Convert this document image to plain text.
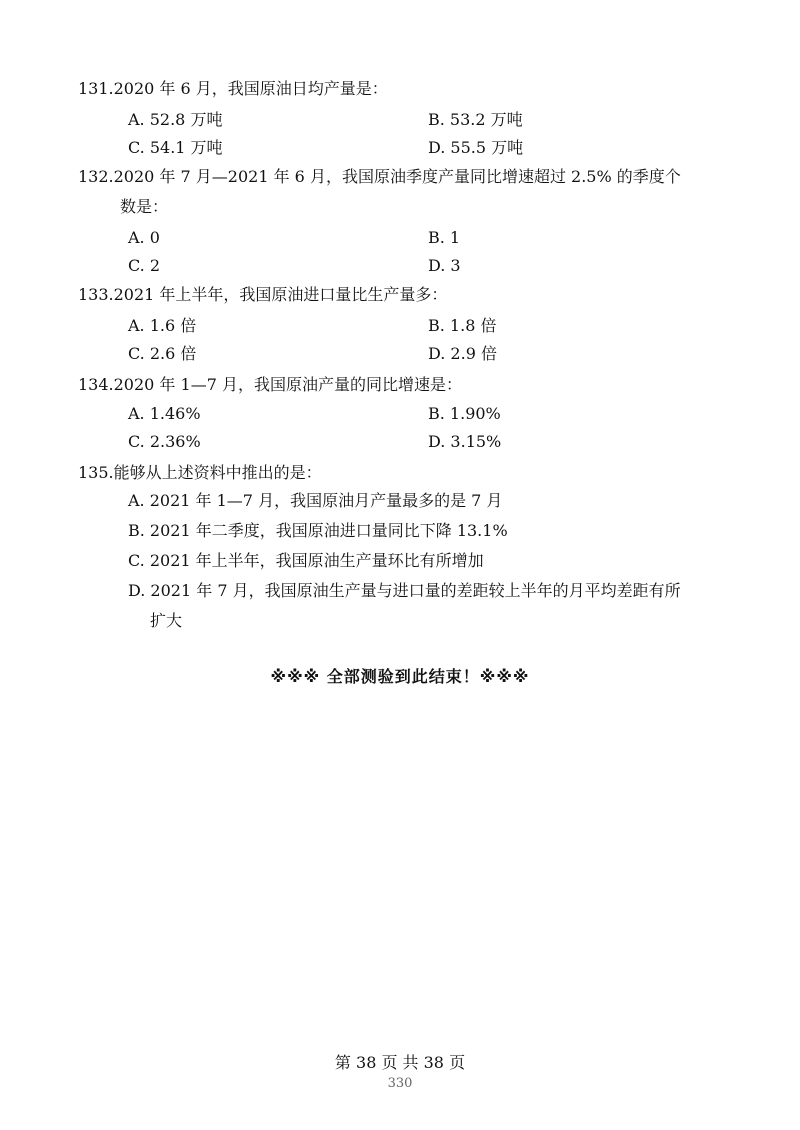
131.2020 年 6 月，我国原油日均产量是：
A. 52.8 万吨	B. 53.2 万吨
C. 54.1 万吨	D. 55.5 万吨
132.2020 年 7 月—2021 年 6 月，我国原油季度产量同比增速超过 2.5% 的季度个
数是：
A. 0	B. 1
C. 2	D. 3
133.2021 年上半年，我国原油进口量比生产量多：
A. 1.6 倍	B. 1.8 倍
C. 2.6 倍	D. 2.9 倍
134.2020 年 1—7 月，我国原油产量的同比增速是：
A. 1.46%	B. 1.90%
C. 2.36%	D. 3.15%
135.能够从上述资料中推出的是：
A. 2021 年 1—7 月，我国原油月产量最多的是 7 月
B. 2021 年二季度，我国原油进口量同比下降 13.1%
C. 2021 年上半年，我国原油生产量环比有所增加
D. 2021 年 7 月，我国原油生产量与进口量的差距较上半年的月平均差距有所
扩大
※※※ 全部测验到此结束！※※※
第 38 页 共 38 页
330
